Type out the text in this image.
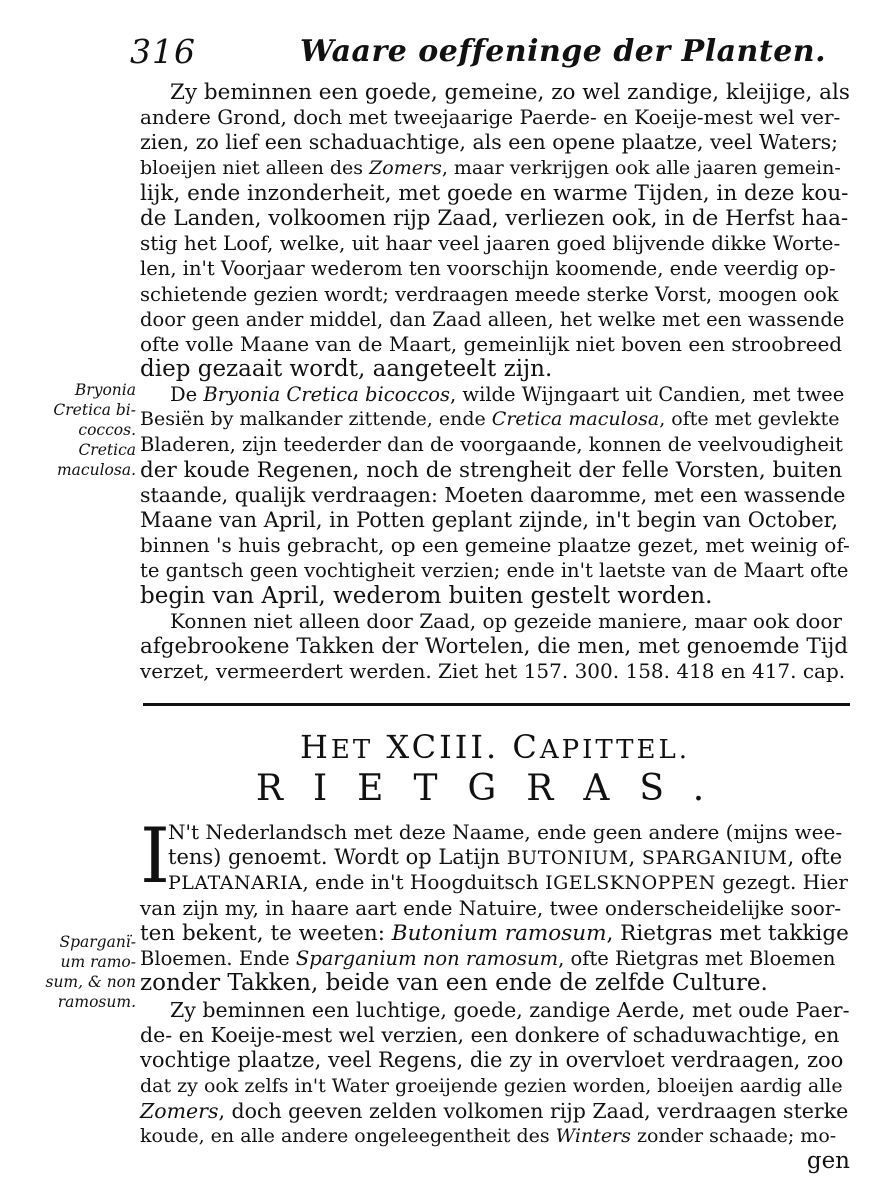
316	Waare oeffeninge der Planten.
Zy beminnen een goede, gemeine, zo wel zandige, kleijige, als
andere Grond, doch met tweejaarige Paerde- en Koeije-mest wel ver-
zien, zo lief een schaduachtige, als een opene plaatze, veel Waters;
bloeijen niet alleen des Zomers, maar verkrijgen ook alle jaaren gemein-
lijk, ende inzonderheit, met goede en warme Tijden, in deze kou-
de Landen, volkoomen rijp Zaad, verliezen ook, in de Herfst haa-
stig het Loof, welke, uit haar veel jaaren goed blijvende dikke Worte-
len, in't Voorjaar wederom ten voorschijn koomende, ende veerdig op-
schietende gezien wordt; verdraagen meede sterke Vorst, moogen ook
door geen ander middel, dan Zaad alleen, het welke met een wassende
ofte volle Maane van de Maart, gemeinlijk niet boven een stroobreed
diep gezaait wordt, aangeteelt zijn.
Bryonia
Cretica bi-
coccos.
Cretica
maculosa.
De Bryonia Cretica bicoccos, wilde Wijngaart uit Candien, met twee
Besiën by malkander zittende, ende Cretica maculosa, ofte met gevlekte
Bladeren, zijn teederder dan de voorgaande, konnen de veelvoudigheit
der koude Regenen, noch de strengheit der felle Vorsten, buiten
staande, qualijk verdraagen: Moeten daaromme, met een wassende
Maane van April, in Potten geplant zijnde, in't begin van October,
binnen 's huis gebracht, op een gemeine plaatze gezet, met weinig of-
te gantsch geen vochtigheit verzien; ende in't laetste van de Maart ofte
begin van April, wederom buiten gestelt worden.
Konnen niet alleen door Zaad, op gezeide maniere, maar ook door
afgebrookene Takken der Wortelen, die men, met genoemde Tijd
verzet, vermeerdert werden. Ziet het 157. 300. 158. 418 en 417. cap.
HET XCIII. CAPITTEL.
RIETGRAS.
I
N't Nederlandsch met deze Naame, ende geen andere (mijns wee-
tens) genoemt. Wordt op Latijn BUTONIUM, SPARGANIUM, ofte
PLATANARIA, ende in't Hoogduitsch IGELSKNOPPEN gezegt. Hier
van zijn my, in haare aart ende Natuire, twee onderscheidelijke soor-
ten bekent, te weeten: Butonium ramosum, Rietgras met takkige
Bloemen. Ende Sparganium non ramosum, ofte Rietgras met Bloemen
zonder Takken, beide van een ende de zelfde Culture.
Sparganï-
um ramo-
sum, & non
ramosum.	Zy beminnen een luchtige, goede, zandige Aerde, met oude Paer-
de- en Koeije-mest wel verzien, een donkere of schaduwachtige, en
vochtige plaatze, veel Regens, die zy in overvloet verdraagen, zoo
dat zy ook zelfs in't Water groeijende gezien worden, bloeijen aardig alle
Zomers, doch geeven zelden volkomen rijp Zaad, verdraagen sterke
koude, en alle andere ongeleegentheit des Winters zonder schaade; mo-
gen
